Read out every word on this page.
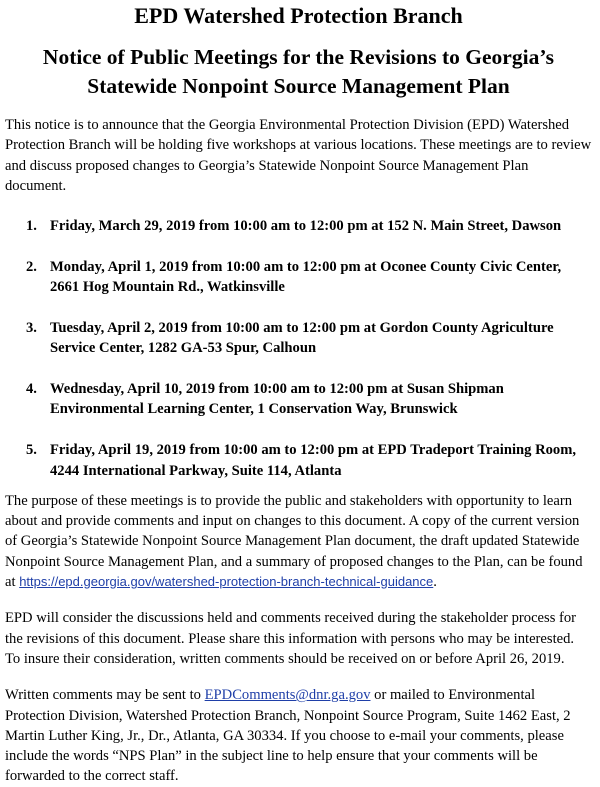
EPD Watershed Protection Branch
Notice of Public Meetings for the Revisions to Georgia’s Statewide Nonpoint Source Management Plan

This notice is to announce that the Georgia Environmental Protection Division (EPD) Watershed Protection Branch will be holding five workshops at various locations. These meetings are to review and discuss proposed changes to Georgia’s Statewide Nonpoint Source Management Plan document.

1. Friday, March 29, 2019 from 10:00 am to 12:00 pm at 152 N. Main Street, Dawson
2. Monday, April 1, 2019 from 10:00 am to 12:00 pm at Oconee County Civic Center, 2661 Hog Mountain Rd., Watkinsville
3. Tuesday, April 2, 2019 from 10:00 am to 12:00 pm at Gordon County Agriculture Service Center, 1282 GA-53 Spur, Calhoun
4. Wednesday, April 10, 2019 from 10:00 am to 12:00 pm at Susan Shipman Environmental Learning Center, 1 Conservation Way, Brunswick
5. Friday, April 19, 2019 from 10:00 am to 12:00 pm at EPD Tradeport Training Room, 4244 International Parkway, Suite 114, Atlanta

The purpose of these meetings is to provide the public and stakeholders with opportunity to learn about and provide comments and input on changes to this document. A copy of the current version of Georgia’s Statewide Nonpoint Source Management Plan document, the draft updated Statewide Nonpoint Source Management Plan, and a summary of proposed changes to the Plan, can be found at https://epd.georgia.gov/watershed-protection-branch-technical-guidance.

EPD will consider the discussions held and comments received during the stakeholder process for the revisions of this document. Please share this information with persons who may be interested. To insure their consideration, written comments should be received on or before April 26, 2019.

Written comments may be sent to EPDComments@dnr.ga.gov or mailed to Environmental Protection Division, Watershed Protection Branch, Nonpoint Source Program, Suite 1462 East, 2 Martin Luther King, Jr., Dr., Atlanta, GA 30334. If you choose to e-mail your comments, please include the words “NPS Plan” in the subject line to help ensure that your comments will be forwarded to the correct staff.
